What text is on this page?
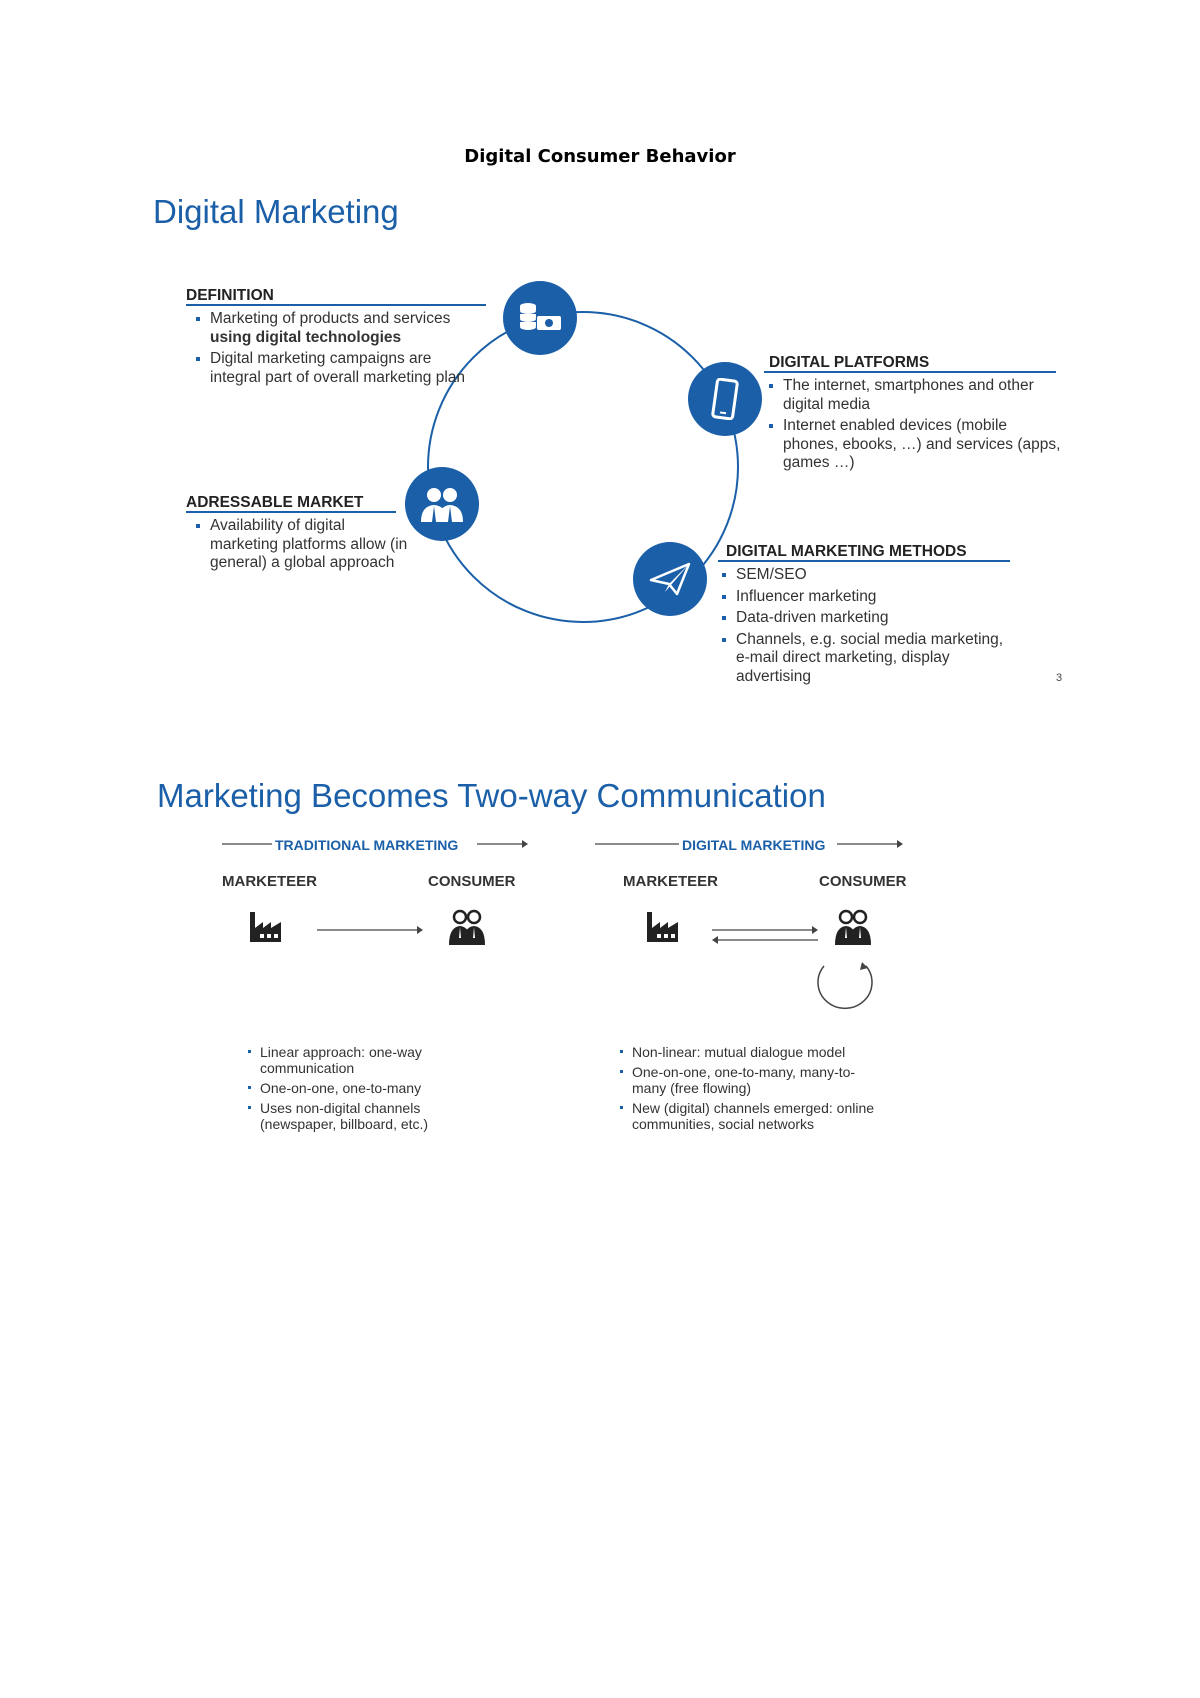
Digital Consumer Behavior
Digital Marketing
DEFINITION
Marketing of products and services
using digital technologies
Digital marketing campaigns are integral part of overall marketing plan
DIGITAL PLATFORMS
The internet, smartphones and other digital media
Internet enabled devices (mobile phones, ebooks, …) and services (apps, games …)
ADRESSABLE MARKET
Availability of digital marketing platforms allow (in general) a global approach
DIGITAL MARKETING METHODS
SEM/SEO
Influencer marketing
Data-driven marketing
Channels, e.g. social media marketing, e-mail direct marketing, display advertising	3
Marketing Becomes Two-way Communication
TRADITIONAL MARKETING	DIGITAL MARKETING
MARKETEER	CONSUMER	MARKETEER	CONSUMER
Linear approach: one-way communication
One-on-one, one-to-many
Uses non-digital channels (newspaper, billboard, etc.)
Non-linear: mutual dialogue model
One-on-one, one-to-many, many-to-many (free flowing)
New (digital) channels emerged: online communities, social networks
